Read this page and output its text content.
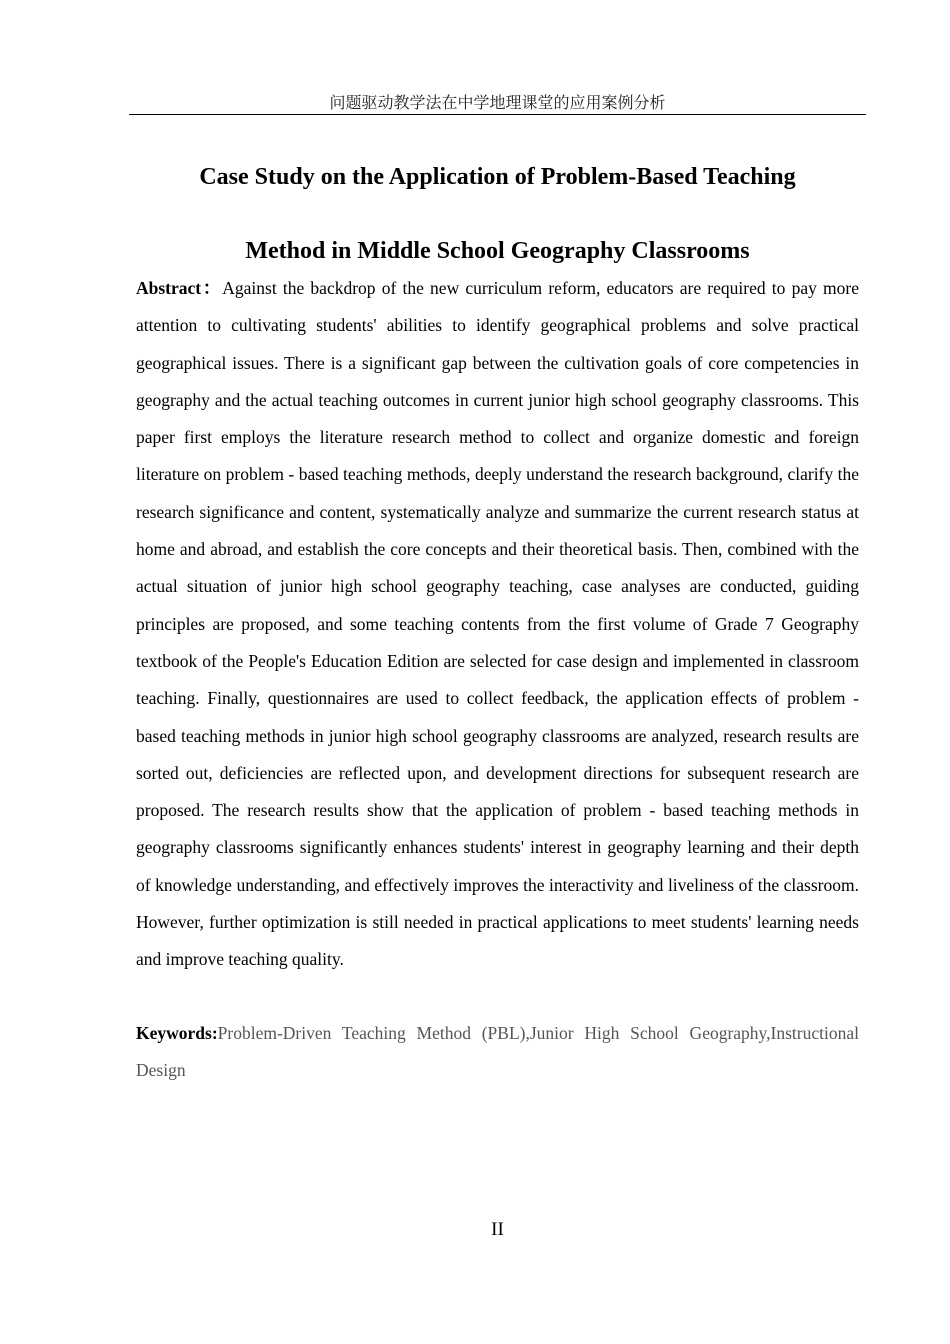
问题驱动教学法在中学地理课堂的应用案例分析
Case Study on the Application of Problem-Based Teaching
Method in Middle School Geography Classrooms

Abstract：Against the backdrop of the new curriculum reform, educators are required to pay more attention to cultivating students' abilities to identify geographical problems and solve practical geographical issues. There is a significant gap between the cultivation goals of core competencies in geography and the actual teaching outcomes in current junior high school geography classrooms. This paper first employs the literature research method to collect and organize domestic and foreign literature on problem - based teaching methods, deeply understand the research background, clarify the research significance and content, systematically analyze and summarize the current research status at home and abroad, and establish the core concepts and their theoretical basis. Then, combined with the actual situation of junior high school geography teaching, case analyses are conducted, guiding principles are proposed, and some teaching contents from the first volume of Grade 7 Geography textbook of the People's Education Edition are selected for case design and implemented in classroom teaching. Finally, questionnaires are used to collect feedback, the application effects of problem - based teaching methods in junior high school geography classrooms are analyzed, research results are sorted out, deficiencies are reflected upon, and development directions for subsequent research are proposed. The research results show that the application of problem - based teaching methods in geography classrooms significantly enhances students' interest in geography learning and their depth of knowledge understanding, and effectively improves the interactivity and liveliness of the classroom. However, further optimization is still needed in practical applications to meet students' learning needs and improve teaching quality.

Keywords:Problem-Driven Teaching Method (PBL),Junior High School Geography,Instructional Design

II
